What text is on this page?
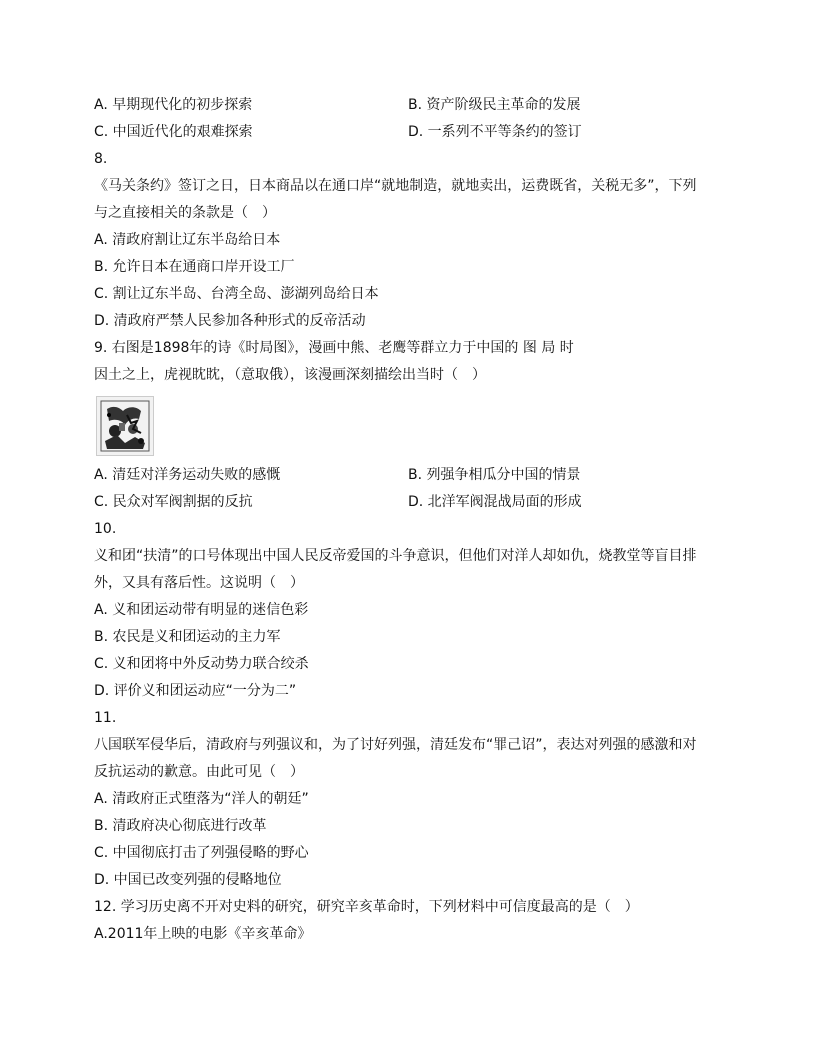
A. 早期现代化的初步探索	B. 资产阶级民主革命的发展
C. 中国近代化的艰难探索	D. 一系列不平等条约的签订
8.
《马关条约》签订之日，日本商品以在通口岸“就地制造，就地卖出，运费既省，关税无多”，下列
与之直接相关的条款是（　）
A. 清政府割让辽东半岛给日本
B. 允许日本在通商口岸开设工厂
C. 割让辽东半岛、台湾全岛、澎湖列岛给日本
D. 清政府严禁人民参加各种形式的反帝活动
9. 右图是1898年的诗《时局图》，漫画中熊、老鹰等群立力于中国的 图 局 时
因土之上，虎视眈眈，（意取俄），该漫画深刻描绘出当时（　）
A. 清廷对洋务运动失败的感慨	B. 列强争相瓜分中国的情景
C. 民众对军阀割据的反抗	D. 北洋军阀混战局面的形成
10.
义和团“扶清”的口号体现出中国人民反帝爱国的斗争意识，但他们对洋人却如仇，烧教堂等盲目排
外，又具有落后性。这说明（　）
A. 义和团运动带有明显的迷信色彩
B. 农民是义和团运动的主力军
C. 义和团将中外反动势力联合绞杀
D. 评价义和团运动应“一分为二”
11.
八国联军侵华后，清政府与列强议和，为了讨好列强，清廷发布“罪己诏”，表达对列强的感激和对
反抗运动的歉意。由此可见（　）
A. 清政府正式堕落为“洋人的朝廷”
B. 清政府决心彻底进行改革
C. 中国彻底打击了列强侵略的野心
D. 中国已改变列强的侵略地位
12. 学习历史离不开对史料的研究，研究辛亥革命时，下列材料中可信度最高的是（　）
A.2011年上映的电影《辛亥革命》
